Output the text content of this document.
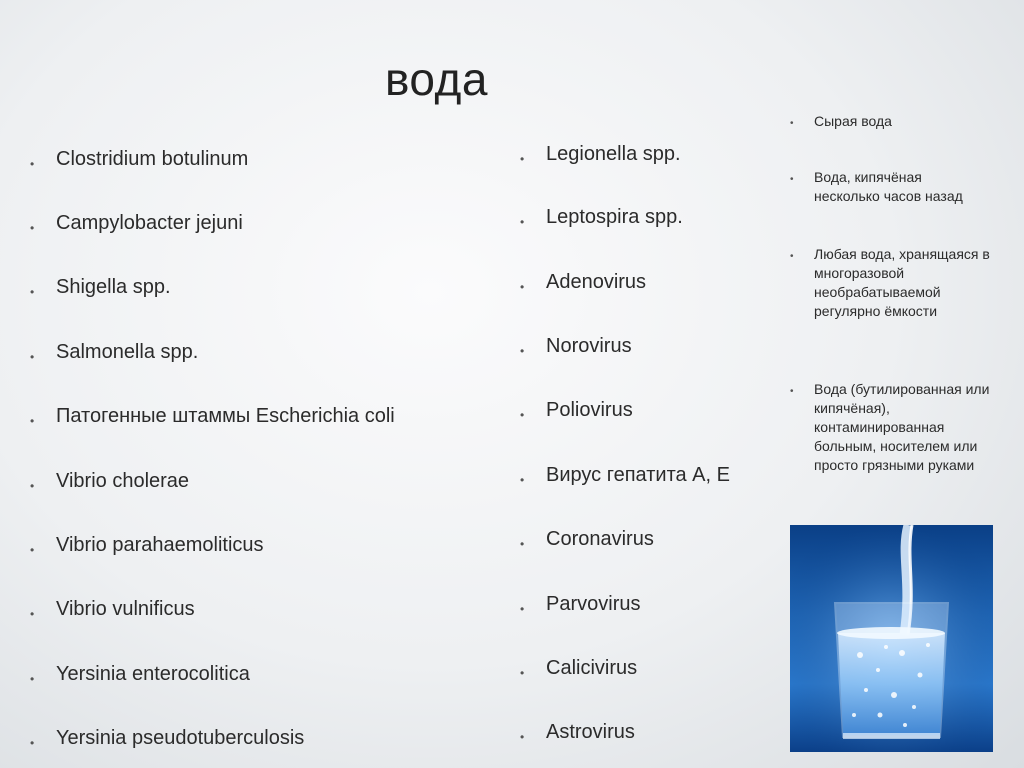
вода
• Clostridium botulinum
• Campylobacter jejuni
• Shigella spp.
• Salmonella spp.
• Патогенные штаммы Escherichia coli
• Vibrio cholerae
• Vibrio parahaemoliticus
• Vibrio vulnificus
• Yersinia enterocolitica
• Yersinia pseudotuberculosis
• Legionella spp.
• Leptospira spp.
• Adenovirus
• Norovirus
• Poliovirus
• Вирус гепатита А, Е
• Coronavirus
• Parvovirus
• Calicivirus
• Astrovirus
• Сырая вода
• Вода, кипячёная несколько часов назад
• Любая вода, хранящаяся в многоразовой необрабатываемой регулярно ёмкости
• Вода (бутилированная или кипячёная), контаминированная больным, носителем или просто грязными руками
